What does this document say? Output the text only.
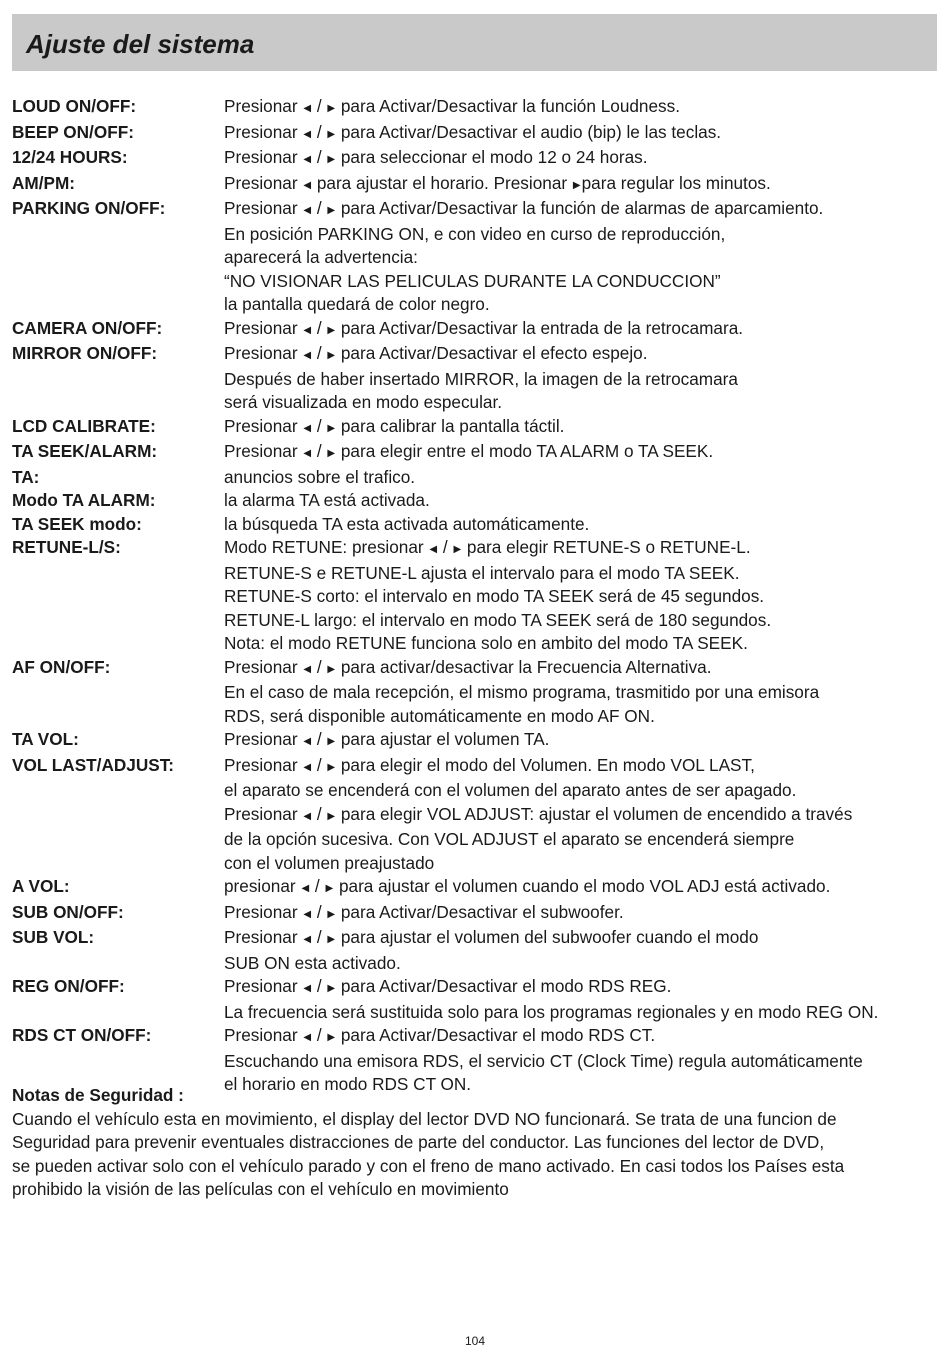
Ajuste del sistema
LOUD ON/OFF:	Presionar ◀ / ▶ para Activar/Desactivar la función Loudness.
BEEP ON/OFF:	Presionar ◀ / ▶ para Activar/Desactivar el audio (bip) le las teclas.
12/24 HOURS:	Presionar ◀ / ▶ para seleccionar el modo 12 o 24 horas.
AM/PM:	Presionar ◀ para ajustar el horario. Presionar ▶para regular los minutos.
PARKING ON/OFF:	Presionar ◀ / ▶ para Activar/Desactivar la función de alarmas de aparcamiento.
En posición PARKING ON, e con video en curso de reproducción,
aparecerá la advertencia:
“NO VISIONAR LAS PELICULAS DURANTE LA CONDUCCION”
la pantalla quedará de color negro.
CAMERA ON/OFF:	Presionar ◀ / ▶ para Activar/Desactivar la entrada de la retrocamara.
MIRROR ON/OFF:	Presionar ◀ / ▶ para Activar/Desactivar el efecto espejo.
Después de haber insertado MIRROR, la imagen de la retrocamara
será visualizada en modo especular.
LCD CALIBRATE:	Presionar ◀ / ▶ para calibrar la pantalla táctil.
TA SEEK/ALARM:	Presionar ◀ / ▶ para elegir entre el modo TA ALARM o TA SEEK.
TA:	anuncios sobre el trafico.
Modo TA ALARM:	la alarma TA está activada.
TA SEEK modo:	la búsqueda TA esta activada automáticamente.
RETUNE-L/S:	Modo RETUNE: presionar ◀ / ▶ para elegir RETUNE-S o RETUNE-L.
RETUNE-S e RETUNE-L ajusta el intervalo para el modo TA SEEK.
RETUNE-S corto: el intervalo en modo TA SEEK será de 45 segundos.
RETUNE-L largo: el intervalo en modo TA SEEK será de 180 segundos.
Nota: el modo RETUNE funciona solo en ambito del modo TA SEEK.
AF ON/OFF:	Presionar ◀ / ▶ para activar/desactivar la Frecuencia Alternativa.
En el caso de mala recepción, el mismo programa, trasmitido por una emisora
RDS, será disponible automáticamente en modo AF ON.
TA VOL:	Presionar ◀ / ▶ para ajustar el volumen TA.
VOL LAST/ADJUST:	Presionar ◀ / ▶ para elegir el modo del Volumen. En modo VOL LAST,
el aparato se encenderá con el volumen del aparato antes de ser apagado.
Presionar ◀ / ▶ para elegir VOL ADJUST: ajustar el volumen de encendido a través
de la opción sucesiva. Con VOL ADJUST el aparato se encenderá siempre
con el volumen preajustado
A VOL:	presionar ◀ / ▶ para ajustar el volumen cuando el modo VOL ADJ está activado.
SUB ON/OFF:	Presionar ◀ / ▶ para Activar/Desactivar el subwoofer.
SUB VOL:	Presionar ◀ / ▶ para ajustar el volumen del subwoofer cuando el modo
SUB ON esta activado.
REG ON/OFF:	Presionar ◀ / ▶ para Activar/Desactivar el modo RDS REG.
La frecuencia será sustituida solo para los programas regionales y en modo REG ON.
RDS CT ON/OFF:	Presionar ◀ / ▶ para Activar/Desactivar el modo RDS CT.
Escuchando una emisora RDS, el servicio CT (Clock Time) regula automáticamente
el horario en modo RDS CT ON.
Notas de Seguridad :
Cuando el vehículo esta en movimiento, el display del lector DVD NO funcionará. Se trata de una funcion de
Seguridad para prevenir eventuales distracciones de parte del conductor. Las funciones del lector de DVD,
se pueden activar solo con el vehículo parado y con el freno de mano activado. En casi todos los Países esta
prohibido la visión de las películas con el vehículo en movimiento
104
